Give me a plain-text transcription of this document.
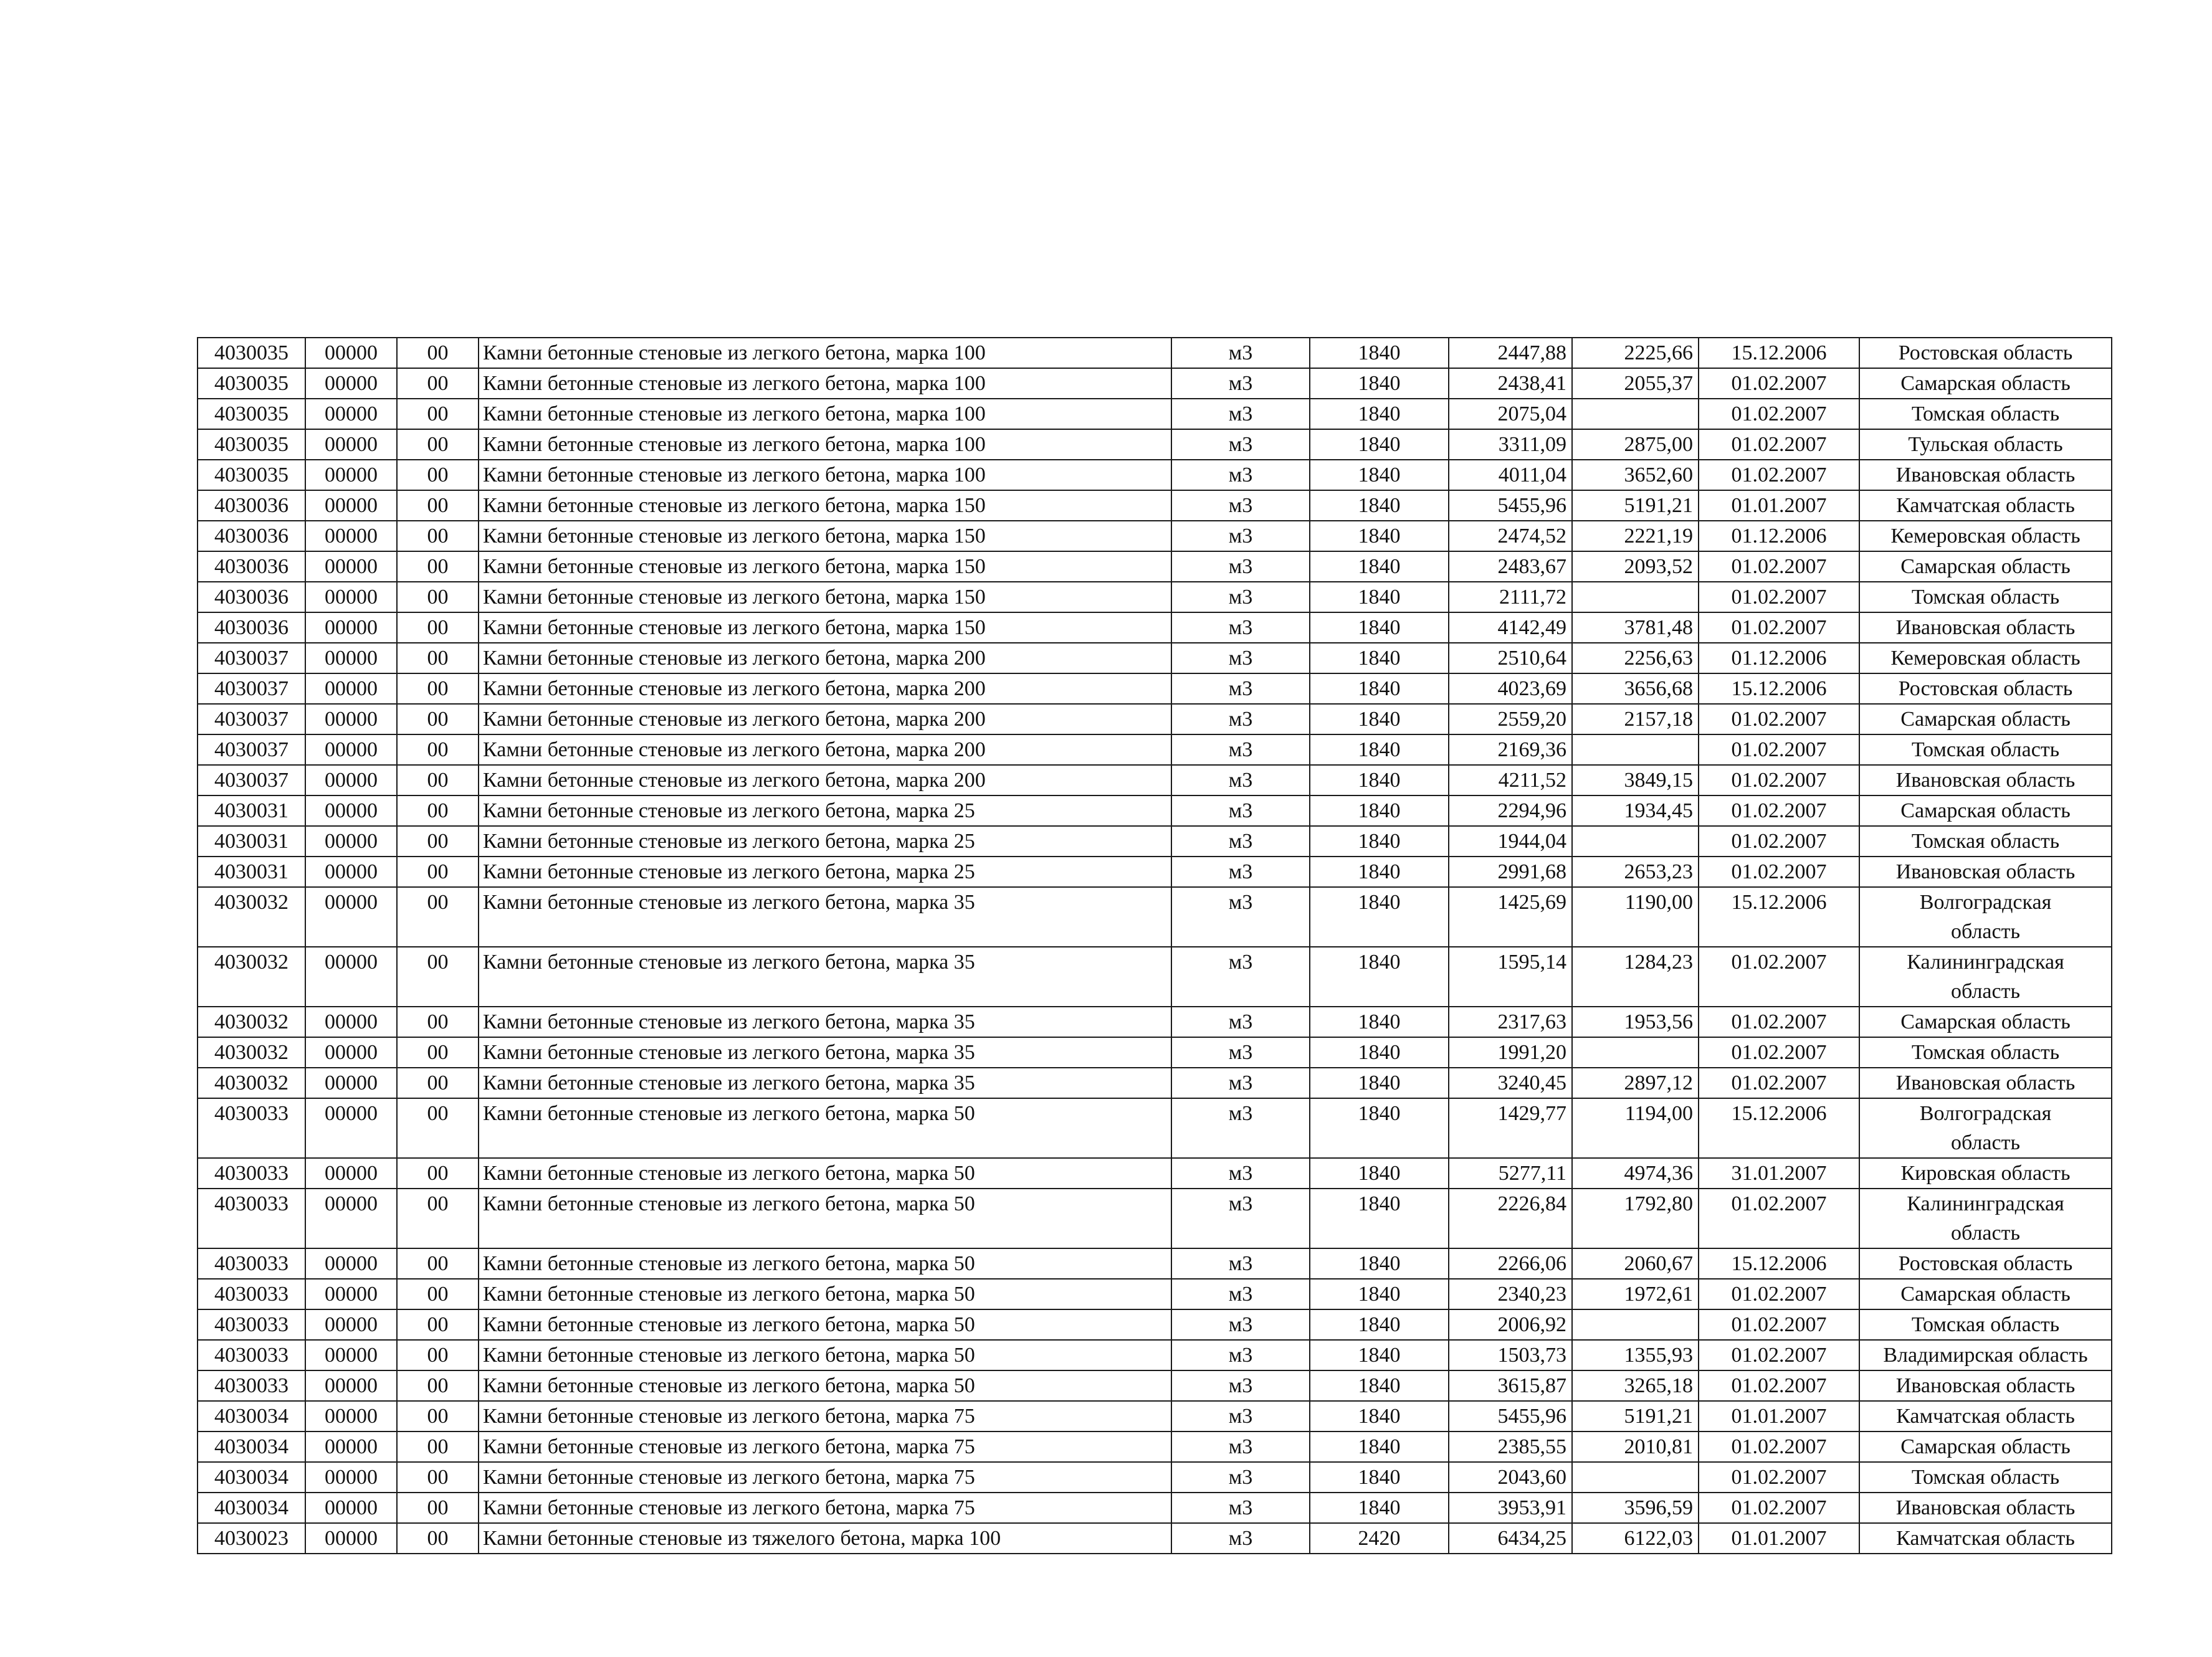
4030035	00000	00	Камни бетонные стеновые из легкого бетона, марка 100	м3	1840	2447,88	2225,66	15.12.2006	Ростовская область
4030035	00000	00	Камни бетонные стеновые из легкого бетона, марка 100	м3	1840	2438,41	2055,37	01.02.2007	Самарская область
4030035	00000	00	Камни бетонные стеновые из легкого бетона, марка 100	м3	1840	2075,04		01.02.2007	Томская область
4030035	00000	00	Камни бетонные стеновые из легкого бетона, марка 100	м3	1840	3311,09	2875,00	01.02.2007	Тульская область
4030035	00000	00	Камни бетонные стеновые из легкого бетона, марка 100	м3	1840	4011,04	3652,60	01.02.2007	Ивановская область
4030036	00000	00	Камни бетонные стеновые из легкого бетона, марка 150	м3	1840	5455,96	5191,21	01.01.2007	Камчатская область
4030036	00000	00	Камни бетонные стеновые из легкого бетона, марка 150	м3	1840	2474,52	2221,19	01.12.2006	Кемеровская область
4030036	00000	00	Камни бетонные стеновые из легкого бетона, марка 150	м3	1840	2483,67	2093,52	01.02.2007	Самарская область
4030036	00000	00	Камни бетонные стеновые из легкого бетона, марка 150	м3	1840	2111,72		01.02.2007	Томская область
4030036	00000	00	Камни бетонные стеновые из легкого бетона, марка 150	м3	1840	4142,49	3781,48	01.02.2007	Ивановская область
4030037	00000	00	Камни бетонные стеновые из легкого бетона, марка 200	м3	1840	2510,64	2256,63	01.12.2006	Кемеровская область
4030037	00000	00	Камни бетонные стеновые из легкого бетона, марка 200	м3	1840	4023,69	3656,68	15.12.2006	Ростовская область
4030037	00000	00	Камни бетонные стеновые из легкого бетона, марка 200	м3	1840	2559,20	2157,18	01.02.2007	Самарская область
4030037	00000	00	Камни бетонные стеновые из легкого бетона, марка 200	м3	1840	2169,36		01.02.2007	Томская область
4030037	00000	00	Камни бетонные стеновые из легкого бетона, марка 200	м3	1840	4211,52	3849,15	01.02.2007	Ивановская область
4030031	00000	00	Камни бетонные стеновые из легкого бетона, марка 25	м3	1840	2294,96	1934,45	01.02.2007	Самарская область
4030031	00000	00	Камни бетонные стеновые из легкого бетона, марка 25	м3	1840	1944,04		01.02.2007	Томская область
4030031	00000	00	Камни бетонные стеновые из легкого бетона, марка 25	м3	1840	2991,68	2653,23	01.02.2007	Ивановская область
4030032	00000	00	Камни бетонные стеновые из легкого бетона, марка 35	м3	1840	1425,69	1190,00	15.12.2006	Волгоградская область
4030032	00000	00	Камни бетонные стеновые из легкого бетона, марка 35	м3	1840	1595,14	1284,23	01.02.2007	Калининградская область
4030032	00000	00	Камни бетонные стеновые из легкого бетона, марка 35	м3	1840	2317,63	1953,56	01.02.2007	Самарская область
4030032	00000	00	Камни бетонные стеновые из легкого бетона, марка 35	м3	1840	1991,20		01.02.2007	Томская область
4030032	00000	00	Камни бетонные стеновые из легкого бетона, марка 35	м3	1840	3240,45	2897,12	01.02.2007	Ивановская область
4030033	00000	00	Камни бетонные стеновые из легкого бетона, марка 50	м3	1840	1429,77	1194,00	15.12.2006	Волгоградская область
4030033	00000	00	Камни бетонные стеновые из легкого бетона, марка 50	м3	1840	5277,11	4974,36	31.01.2007	Кировская область
4030033	00000	00	Камни бетонные стеновые из легкого бетона, марка 50	м3	1840	2226,84	1792,80	01.02.2007	Калининградская область
4030033	00000	00	Камни бетонные стеновые из легкого бетона, марка 50	м3	1840	2266,06	2060,67	15.12.2006	Ростовская область
4030033	00000	00	Камни бетонные стеновые из легкого бетона, марка 50	м3	1840	2340,23	1972,61	01.02.2007	Самарская область
4030033	00000	00	Камни бетонные стеновые из легкого бетона, марка 50	м3	1840	2006,92		01.02.2007	Томская область
4030033	00000	00	Камни бетонные стеновые из легкого бетона, марка 50	м3	1840	1503,73	1355,93	01.02.2007	Владимирская область
4030033	00000	00	Камни бетонные стеновые из легкого бетона, марка 50	м3	1840	3615,87	3265,18	01.02.2007	Ивановская область
4030034	00000	00	Камни бетонные стеновые из легкого бетона, марка 75	м3	1840	5455,96	5191,21	01.01.2007	Камчатская область
4030034	00000	00	Камни бетонные стеновые из легкого бетона, марка 75	м3	1840	2385,55	2010,81	01.02.2007	Самарская область
4030034	00000	00	Камни бетонные стеновые из легкого бетона, марка 75	м3	1840	2043,60		01.02.2007	Томская область
4030034	00000	00	Камни бетонные стеновые из легкого бетона, марка 75	м3	1840	3953,91	3596,59	01.02.2007	Ивановская область
4030023	00000	00	Камни бетонные стеновые из тяжелого бетона, марка 100	м3	2420	6434,25	6122,03	01.01.2007	Камчатская область
